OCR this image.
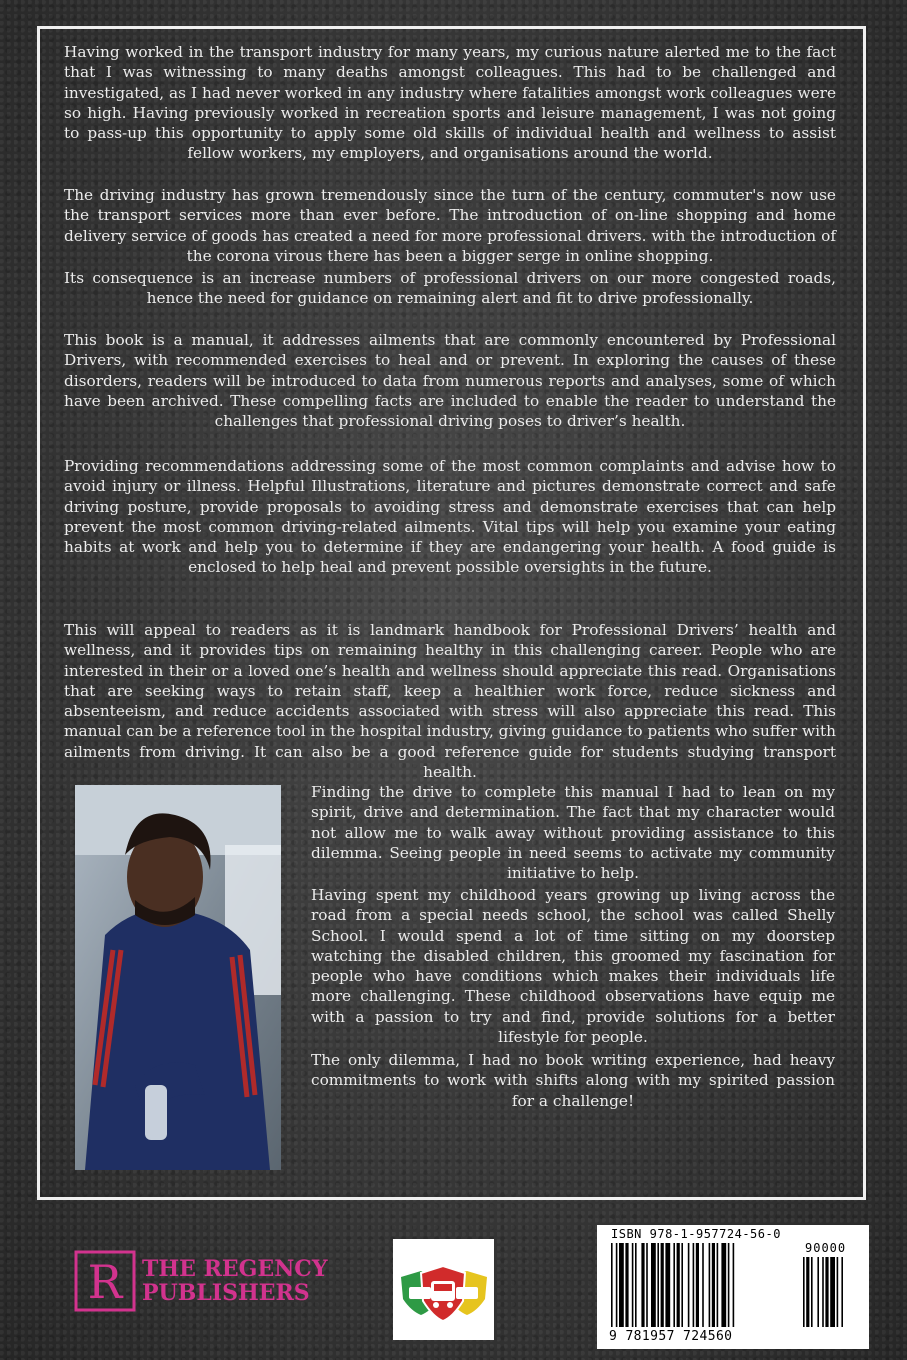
Having worked in the transport industry for many years, my curious nature alerted me to the fact that I was witnessing to many deaths amongst colleagues. This had to be challenged and investigated, as I had never worked in any industry where fatalities amongst work colleagues were so high. Having previously worked in recreation sports and leisure management, I was not going to pass-up this opportunity to apply some old skills of individual health and wellness to assist fellow workers, my employers, and organisations around the world.

The driving industry has grown tremendously since the turn of the century, commuter's now use the transport services more than ever before. The introduction of on-line shopping and home delivery service of goods has created a need for more professional drivers. with the introduction of the corona virous there has been a bigger serge in online shopping.

Its consequence is an increase numbers of professional drivers on our more congested roads, hence the need for guidance on remaining alert and fit to drive professionally.

This book is a manual, it addresses ailments that are commonly encountered by Professional Drivers, with recommended exercises to heal and or prevent. In exploring the causes of these disorders, readers will be introduced to data from numerous reports and analyses, some of which have been archived. These compelling facts are included to enable the reader to understand the challenges that professional driving poses to driver’s health.

Providing recommendations addressing some of the most common complaints and advise how to avoid injury or illness. Helpful Illustrations, literature and pictures demonstrate correct and safe driving posture, provide proposals to avoiding stress and demonstrate exercises that can help prevent the most common driving-related ailments. Vital tips will help you examine your eating habits at work and help you to determine if they are endangering your health. A food guide is enclosed to help heal and prevent possible oversights in the future.

This will appeal to readers as it is landmark handbook for Professional Drivers’ health and wellness, and it provides tips on remaining healthy in this challenging career. People who are interested in their or a loved one’s health and wellness should appreciate this read. Organisations that are seeking ways to retain staff, keep a healthier work force, reduce sickness and absenteeism, and reduce accidents associated with stress will also appreciate this read. This manual can be a reference tool in the hospital industry, giving guidance to patients who suffer with ailments from driving. It can also be a good reference guide for students studying transport health.

Finding the drive to complete this manual I had to lean on my spirit, drive and determination. The fact that my character would not allow me to walk away without providing assistance to this dilemma. Seeing people in need seems to activate my community initiative to help.

Having spent my childhood years growing up living across the road from a special needs school, the school was called Shelly School. I would spend a lot of time sitting on my doorstep watching the disabled children, this groomed my fascination for people who have conditions which makes their individuals life more challenging. These childhood observations have equip me with a passion to try and find, provide solutions for a better lifestyle for people.

The only dilemma, I had no book writing experience, had heavy commitments to work with shifts along with my spirited passion for a challenge!

R THE REGENCY
PUBLISHERS
ISBN 978-1-957724-56-0
90000
9 781957 724560
